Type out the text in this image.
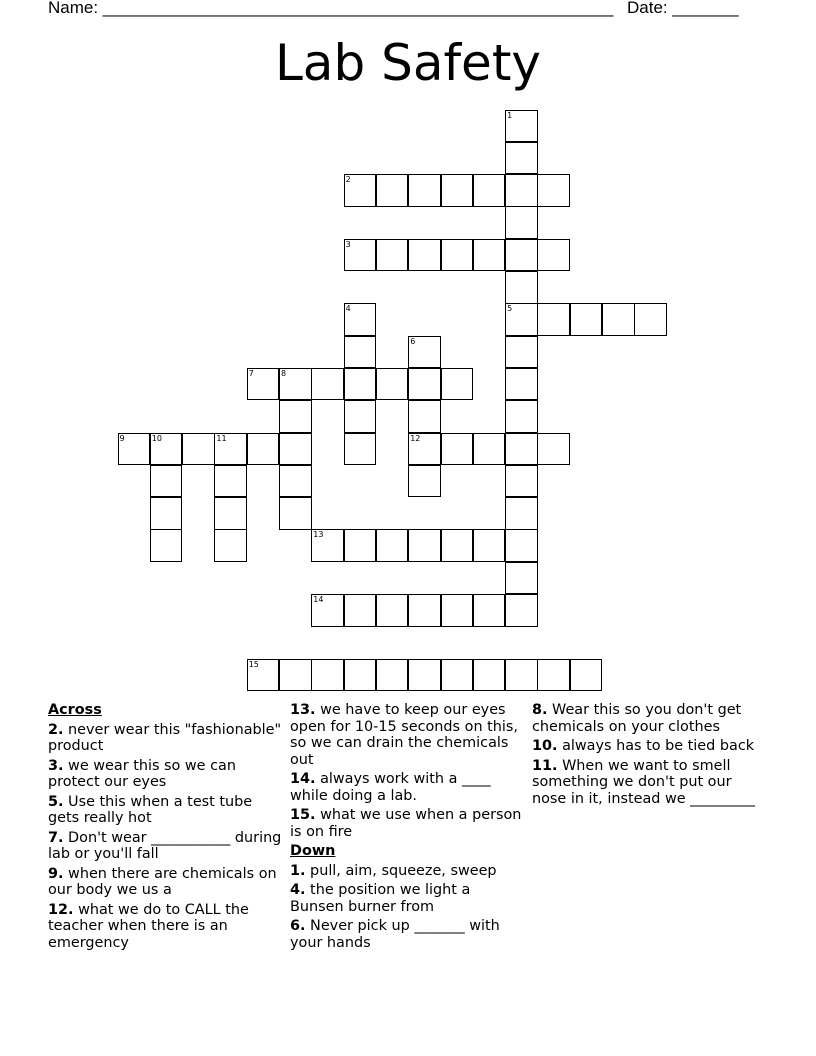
Name: ______________________________________________________ Date: _______
Lab Safety
1
5
2
3
4
6
12
7	8
9	10	11
13
14
15
Across
2. never wear this "fashionable" product
3. we wear this so we can protect our eyes
5. Use this when a test tube gets really hot
7. Don't wear ___________ during lab or you'll fall
9. when there are chemicals on our body we us a
12. what we do to CALL the teacher when there is an emergency
13. we have to keep our eyes open for 10-15 seconds on this, so we can drain the chemicals out
14. always work with a ____ while doing a lab.
15. what we use when a person is on fire
Down
1. pull, aim, squeeze, sweep
4. the position we light a Bunsen burner from
6. Never pick up _______ with your hands
8. Wear this so you don't get chemicals on your clothes
10. always has to be tied back
11. When we want to smell something we don't put our nose in it, instead we _________
